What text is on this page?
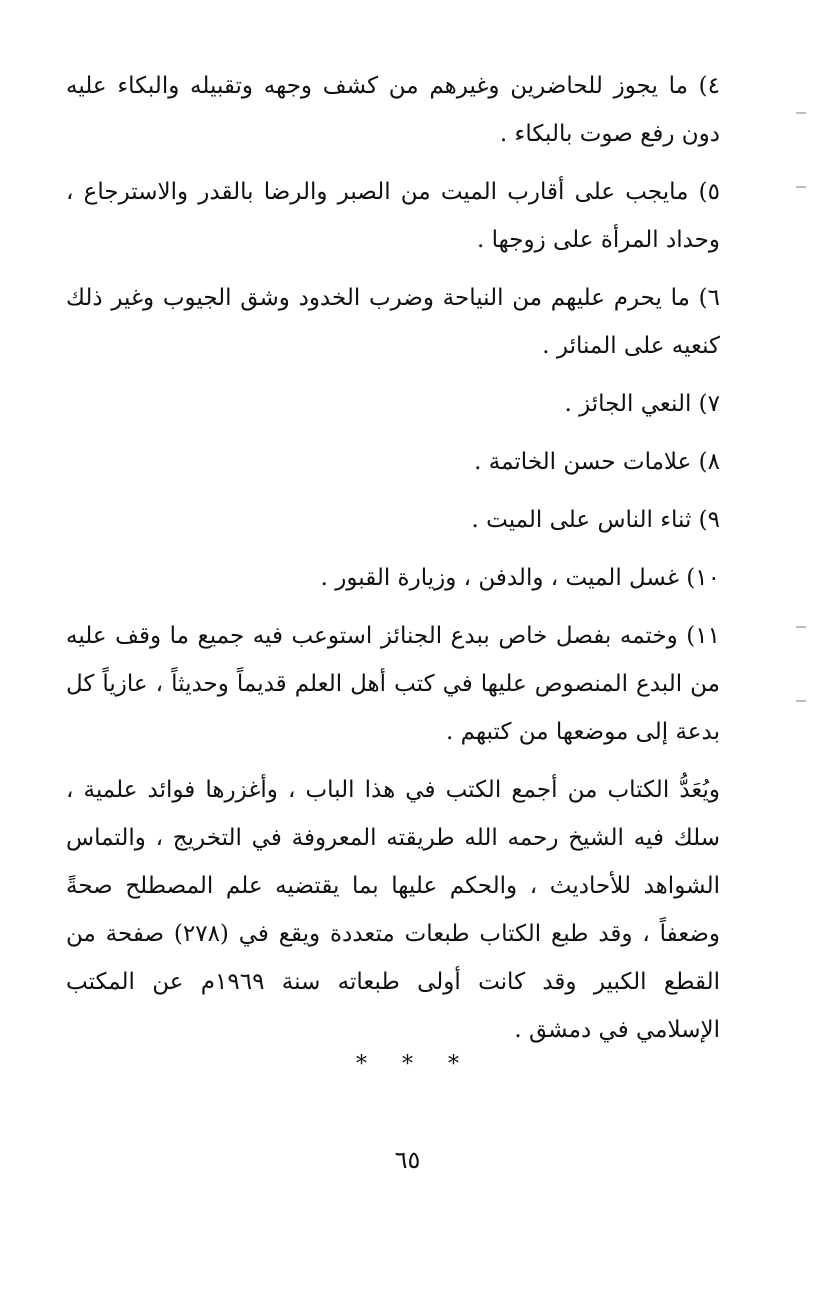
٤) ما يجوز للحاضرين وغيرهم من كشف وجهه وتقبيله والبكاء عليه دون رفع صوت بالبكاء .

٥) مايجب على أقارب الميت من الصبر والرضا بالقدر والاسترجاع ، وحداد المرأة على زوجها .

٦) ما يحرم عليهم من النياحة وضرب الخدود وشق الجيوب وغير ذلك كنعيه على المنائر .

٧) النعي الجائز .

٨) علامات حسن الخاتمة .

٩) ثناء الناس على الميت .

١٠) غسل الميت ، والدفن ، وزيارة القبور .

١١) وختمه بفصل خاص ببدع الجنائز استوعب فيه جميع ما وقف عليه من البدع المنصوص عليها في كتب أهل العلم قديماً وحديثاً ، عازياً كل بدعة إلى موضعها من كتبهم .

ويُعَدُّ الكتاب من أجمع الكتب في هذا الباب ، وأغزرها فوائد علمية ، سلك فيه الشيخ رحمه الله طريقته المعروفة في التخريج ، والتماس الشواهد للأحاديث ، والحكم عليها بما يقتضيه علم المصطلح صحةً وضعفاً ، وقد طبع الكتاب طبعات متعددة ويقع في (٢٧٨) صفحة من القطع الكبير وقد كانت أولى طبعاته سنة ١٩٦٩م عن المكتب الإسلامي في دمشق .

* * *
٦٥
